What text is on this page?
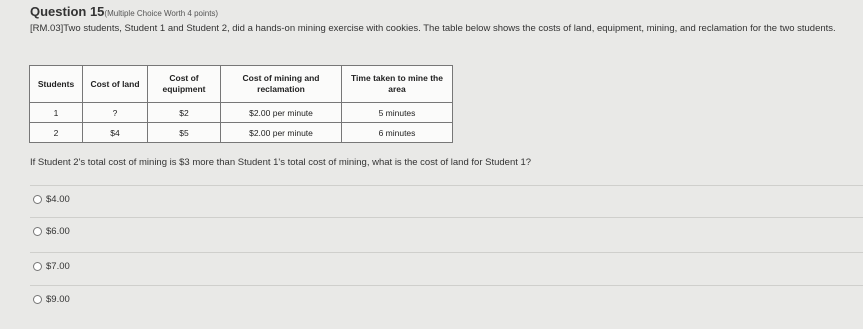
Question 15(Multiple Choice Worth 4 points)
[RM.03]Two students, Student 1 and Student 2, did a hands-on mining exercise with cookies. The table below shows the costs of land, equipment, mining, and reclamation for the two students.
Students	Cost of land	Cost of equipment	Cost of mining and reclamation	Time taken to mine the area
1	?	$2	$2.00 per minute	5 minutes
2	$4	$5	$2.00 per minute	6 minutes
If Student 2's total cost of mining is $3 more than Student 1's total cost of mining, what is the cost of land for Student 1?
$4.00
$6.00
$7.00
$9.00
